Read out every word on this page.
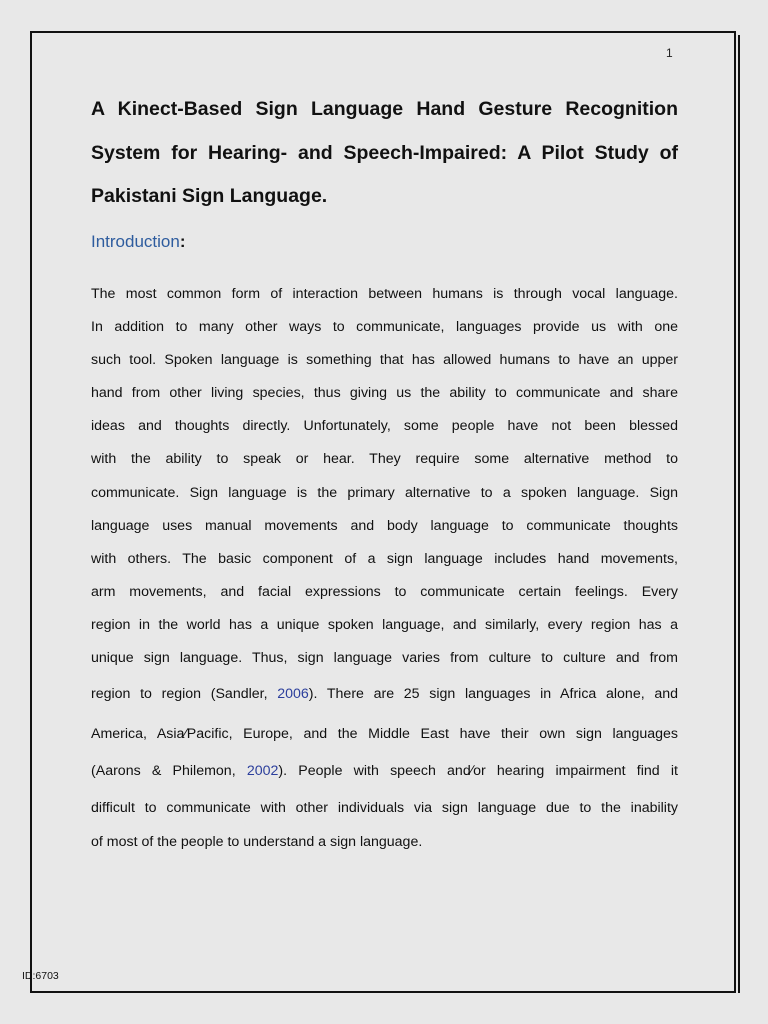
1
A Kinect-Based Sign Language Hand Gesture Recognition System for Hearing- and Speech-Impaired: A Pilot Study of Pakistani Sign Language.
Introduction:
The most common form of interaction between humans is through vocal language.
In addition to many other ways to communicate, languages provide us with one
such tool. Spoken language is something that has allowed humans to have an upper
hand from other living species, thus giving us the ability to communicate and share
ideas and thoughts directly. Unfortunately, some people have not been blessed
with the ability to speak or hear. They require some alternative method to
communicate. Sign language is the primary alternative to a spoken language. Sign
language uses manual movements and body language to communicate thoughts
with others. The basic component of a sign language includes hand movements,
arm movements, and facial expressions to communicate certain feelings. Every
region in the world has a unique spoken language, and similarly, every region has a
unique sign language. Thus, sign language varies from culture to culture and from
region to region (Sandler, 2006). There are 25 sign languages in Africa alone, and
America, Asia∕Pacific, Europe, and the Middle East have their own sign languages
(Aarons & Philemon, 2002). People with speech and∕or hearing impairment find it
difficult to communicate with other individuals via sign language due to the inability
of most of the people to understand a sign language.
ID:6703
